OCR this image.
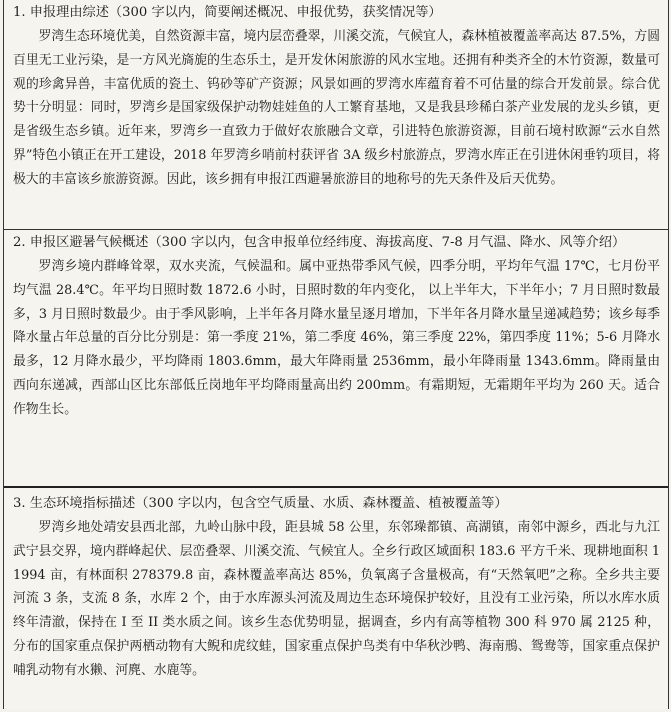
1. 申报理由综述（300 字以内，简要阐述概况、申报优势，获奖情况等）

罗湾生态环境优美，自然资源丰富，境内层峦叠翠，川溪交流，气候宜人，森林植被覆盖率高达 87.5%，方圆百里无工业污染，是一方风光旖旎的生态乐土，是开发休闲旅游的风水宝地。还拥有种类齐全的木竹资源，数量可观的珍禽异兽，丰富优质的瓷土、钨砂等矿产资源；风景如画的罗湾水库蕴育着不可估量的综合开发前景。综合优势十分明显：同时，罗湾乡是国家级保护动物娃娃鱼的人工繁育基地，又是我县珍稀白茶产业发展的龙头乡镇，更是省级生态乡镇。近年来，罗湾乡一直致力于做好农旅融合文章，引进特色旅游资源，目前石境村欧源“云水自然界”特色小镇正在开工建设，2018 年罗湾乡哨前村获评省 3A 级乡村旅游点，罗湾水库正在引进休闲垂钓项目，将极大的丰富该乡旅游资源。因此，该乡拥有申报江西避暑旅游目的地称号的先天条件及后天优势。

2. 申报区避暑气候概述（300 字以内，包含申报单位经纬度、海拔高度、7-8 月气温、降水、风等介绍）

罗湾乡境内群峰耸翠，双水夹流，气候温和。属中亚热带季风气候，四季分明，平均年气温 17℃，七月份平均气温 28.4℃。年平均日照时数 1872.6 小时，日照时数的年内变化， 以上半年大，下半年小；7 月日照时数最多，3 月日照时数最少。由于季风影响，上半年各月降水量呈逐月增加，下半年各月降水量呈递减趋势；该乡每季降水量占年总量的百分比分别是：第一季度 21%，第二季度 46%，第三季度 22%，第四季度 11%；5-6 月降水最多，12 月降水最少，平均降雨 1803.6mm，最大年降雨量 2536mm，最小年降雨量 1343.6mm。降雨量由西向东递减，西部山区比东部低丘岗地年平均降雨量高出约 200mm。有霜期短，无霜期年平均为 260 天。适合作物生长。

3. 生态环境指标描述（300 字以内，包含空气质量、水质、森林覆盖、植被覆盖等）

罗湾乡地处靖安县西北部，九岭山脉中段，距县城 58 公里，东邻璪都镇、高湖镇，南邻中源乡，西北与九江武宁县交界，境内群峰起伏、层峦叠翠、川溪交流、气候宜人。全乡行政区域面积 183.6 平方千米、现耕地面积 11994 亩，有林面积 278379.8 亩，森林覆盖率高达 85%，负氧离子含量极高，有“天然氧吧”之称。全乡共主要河流 3 条，支流 8 条，水库 2 个，由于水库源头河流及周边生态环境保护较好，且没有工业污染，所以水库水质终年清澈，保持在 I 至 II 类水质之间。该乡生态优势明显，据调查，乡内有高等植物 300 科 970 属 2125 种，分布的国家重点保护两栖动物有大鲵和虎纹蛙，国家重点保护鸟类有中华秋沙鸭、海南鳽、鸳鸯等，国家重点保护哺乳动物有水獭、河麂、水鹿等。
